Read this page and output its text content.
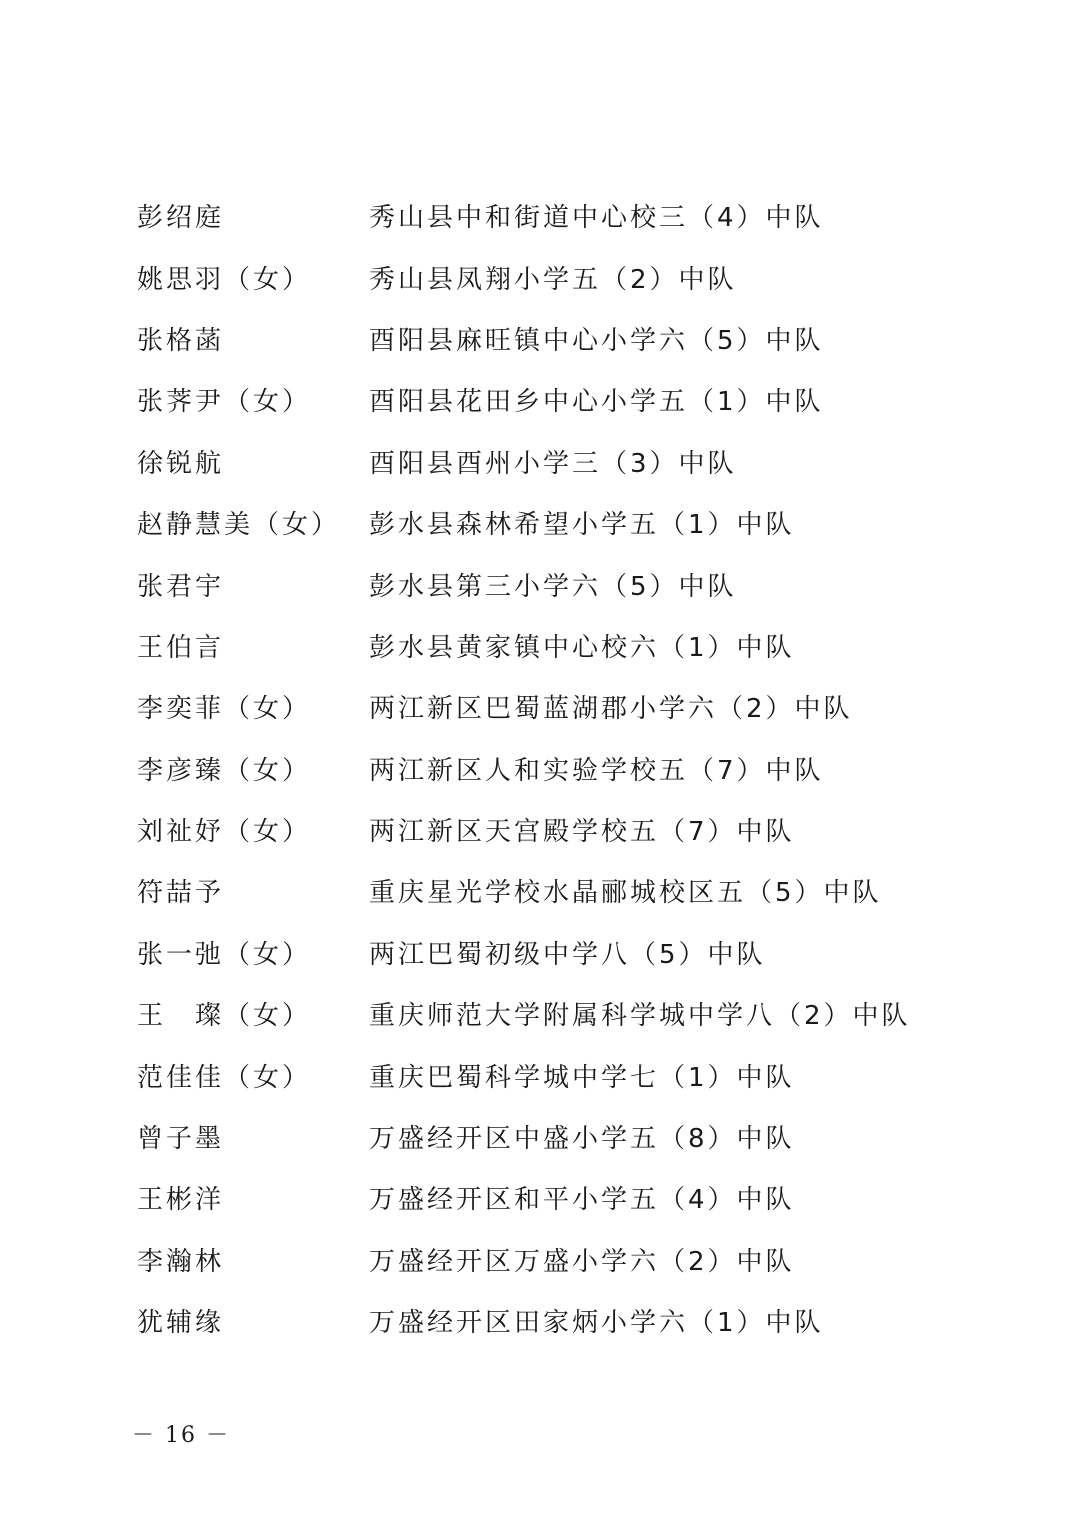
彭绍庭	秀山县中和街道中心校三（4）中队
姚思羽（女）	秀山县凤翔小学五（2）中队
张格菡	酉阳县麻旺镇中心小学六（5）中队
张荠尹（女）	酉阳县花田乡中心小学五（1）中队
徐锐航	酉阳县酉州小学三（3）中队
赵静慧美（女）	彭水县森林希望小学五（1）中队
张君宇	彭水县第三小学六（5）中队
王伯言	彭水县黄家镇中心校六（1）中队
李奕菲（女）	两江新区巴蜀蓝湖郡小学六（2）中队
李彦臻（女）	两江新区人和实验学校五（7）中队
刘祉妤（女）	两江新区天宫殿学校五（7）中队
符喆予	重庆星光学校水晶郦城校区五（5）中队
张一弛（女）	两江巴蜀初级中学八（5）中队
王　璨（女）	重庆师范大学附属科学城中学八（2）中队
范佳佳（女）	重庆巴蜀科学城中学七（1）中队
曾子墨	万盛经开区中盛小学五（8）中队
王彬洋	万盛经开区和平小学五（4）中队
李瀚林	万盛经开区万盛小学六（2）中队
犹辅缘	万盛经开区田家炳小学六（1）中队
－ 16 －
